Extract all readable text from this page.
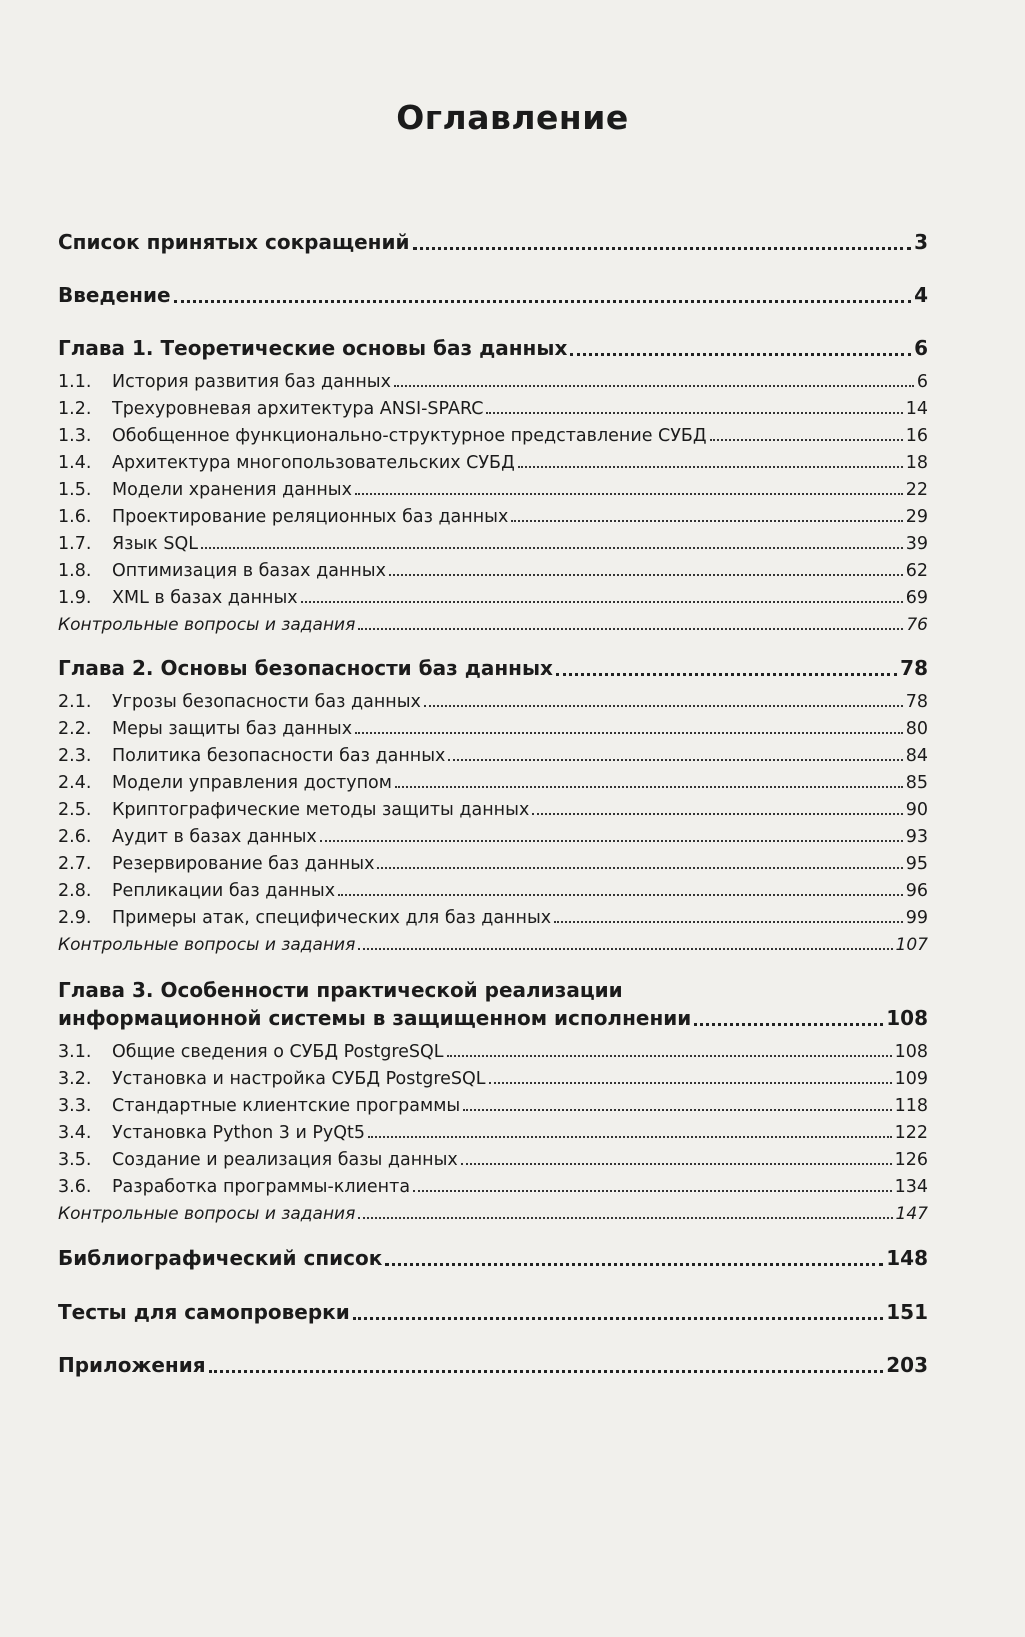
Оглавление
Список принятых сокращений	3
Введение	4
Глава 1. Теоретические основы баз данных	6
1.1.	История развития баз данных	6
1.2.	Трехуровневая архитектура ANSI-SPARC	14
1.3.	Обобщенное функционально-структурное представление СУБД	16
1.4.	Архитектура многопользовательских СУБД	18
1.5.	Модели хранения данных	22
1.6.	Проектирование реляционных баз данных	29
1.7.	Язык SQL	39
1.8.	Оптимизация в базах данных	62
1.9.	XML в базах данных	69
Контрольные вопросы и задания	76
Глава 2. Основы безопасности баз данных	78
2.1.	Угрозы безопасности баз данных	78
2.2.	Меры защиты баз данных	80
2.3.	Политика безопасности баз данных	84
2.4.	Модели управления доступом	85
2.5.	Криптографические методы защиты данных	90
2.6.	Аудит в базах данных	93
2.7.	Резервирование баз данных	95
2.8.	Репликации баз данных	96
2.9.	Примеры атак, специфических для баз данных	99
Контрольные вопросы и задания	107
Глава 3. Особенности практической реализации
информационной системы в защищенном исполнении	108
3.1.	Общие сведения о СУБД PostgreSQL	108
3.2.	Установка и настройка СУБД PostgreSQL	109
3.3.	Стандартные клиентские программы	118
3.4.	Установка Python 3 и PyQt5	122
3.5.	Создание и реализация базы данных	126
3.6.	Разработка программы-клиента	134
Контрольные вопросы и задания	147
Библиографический список	148
Тесты для самопроверки	151
Приложения	203
